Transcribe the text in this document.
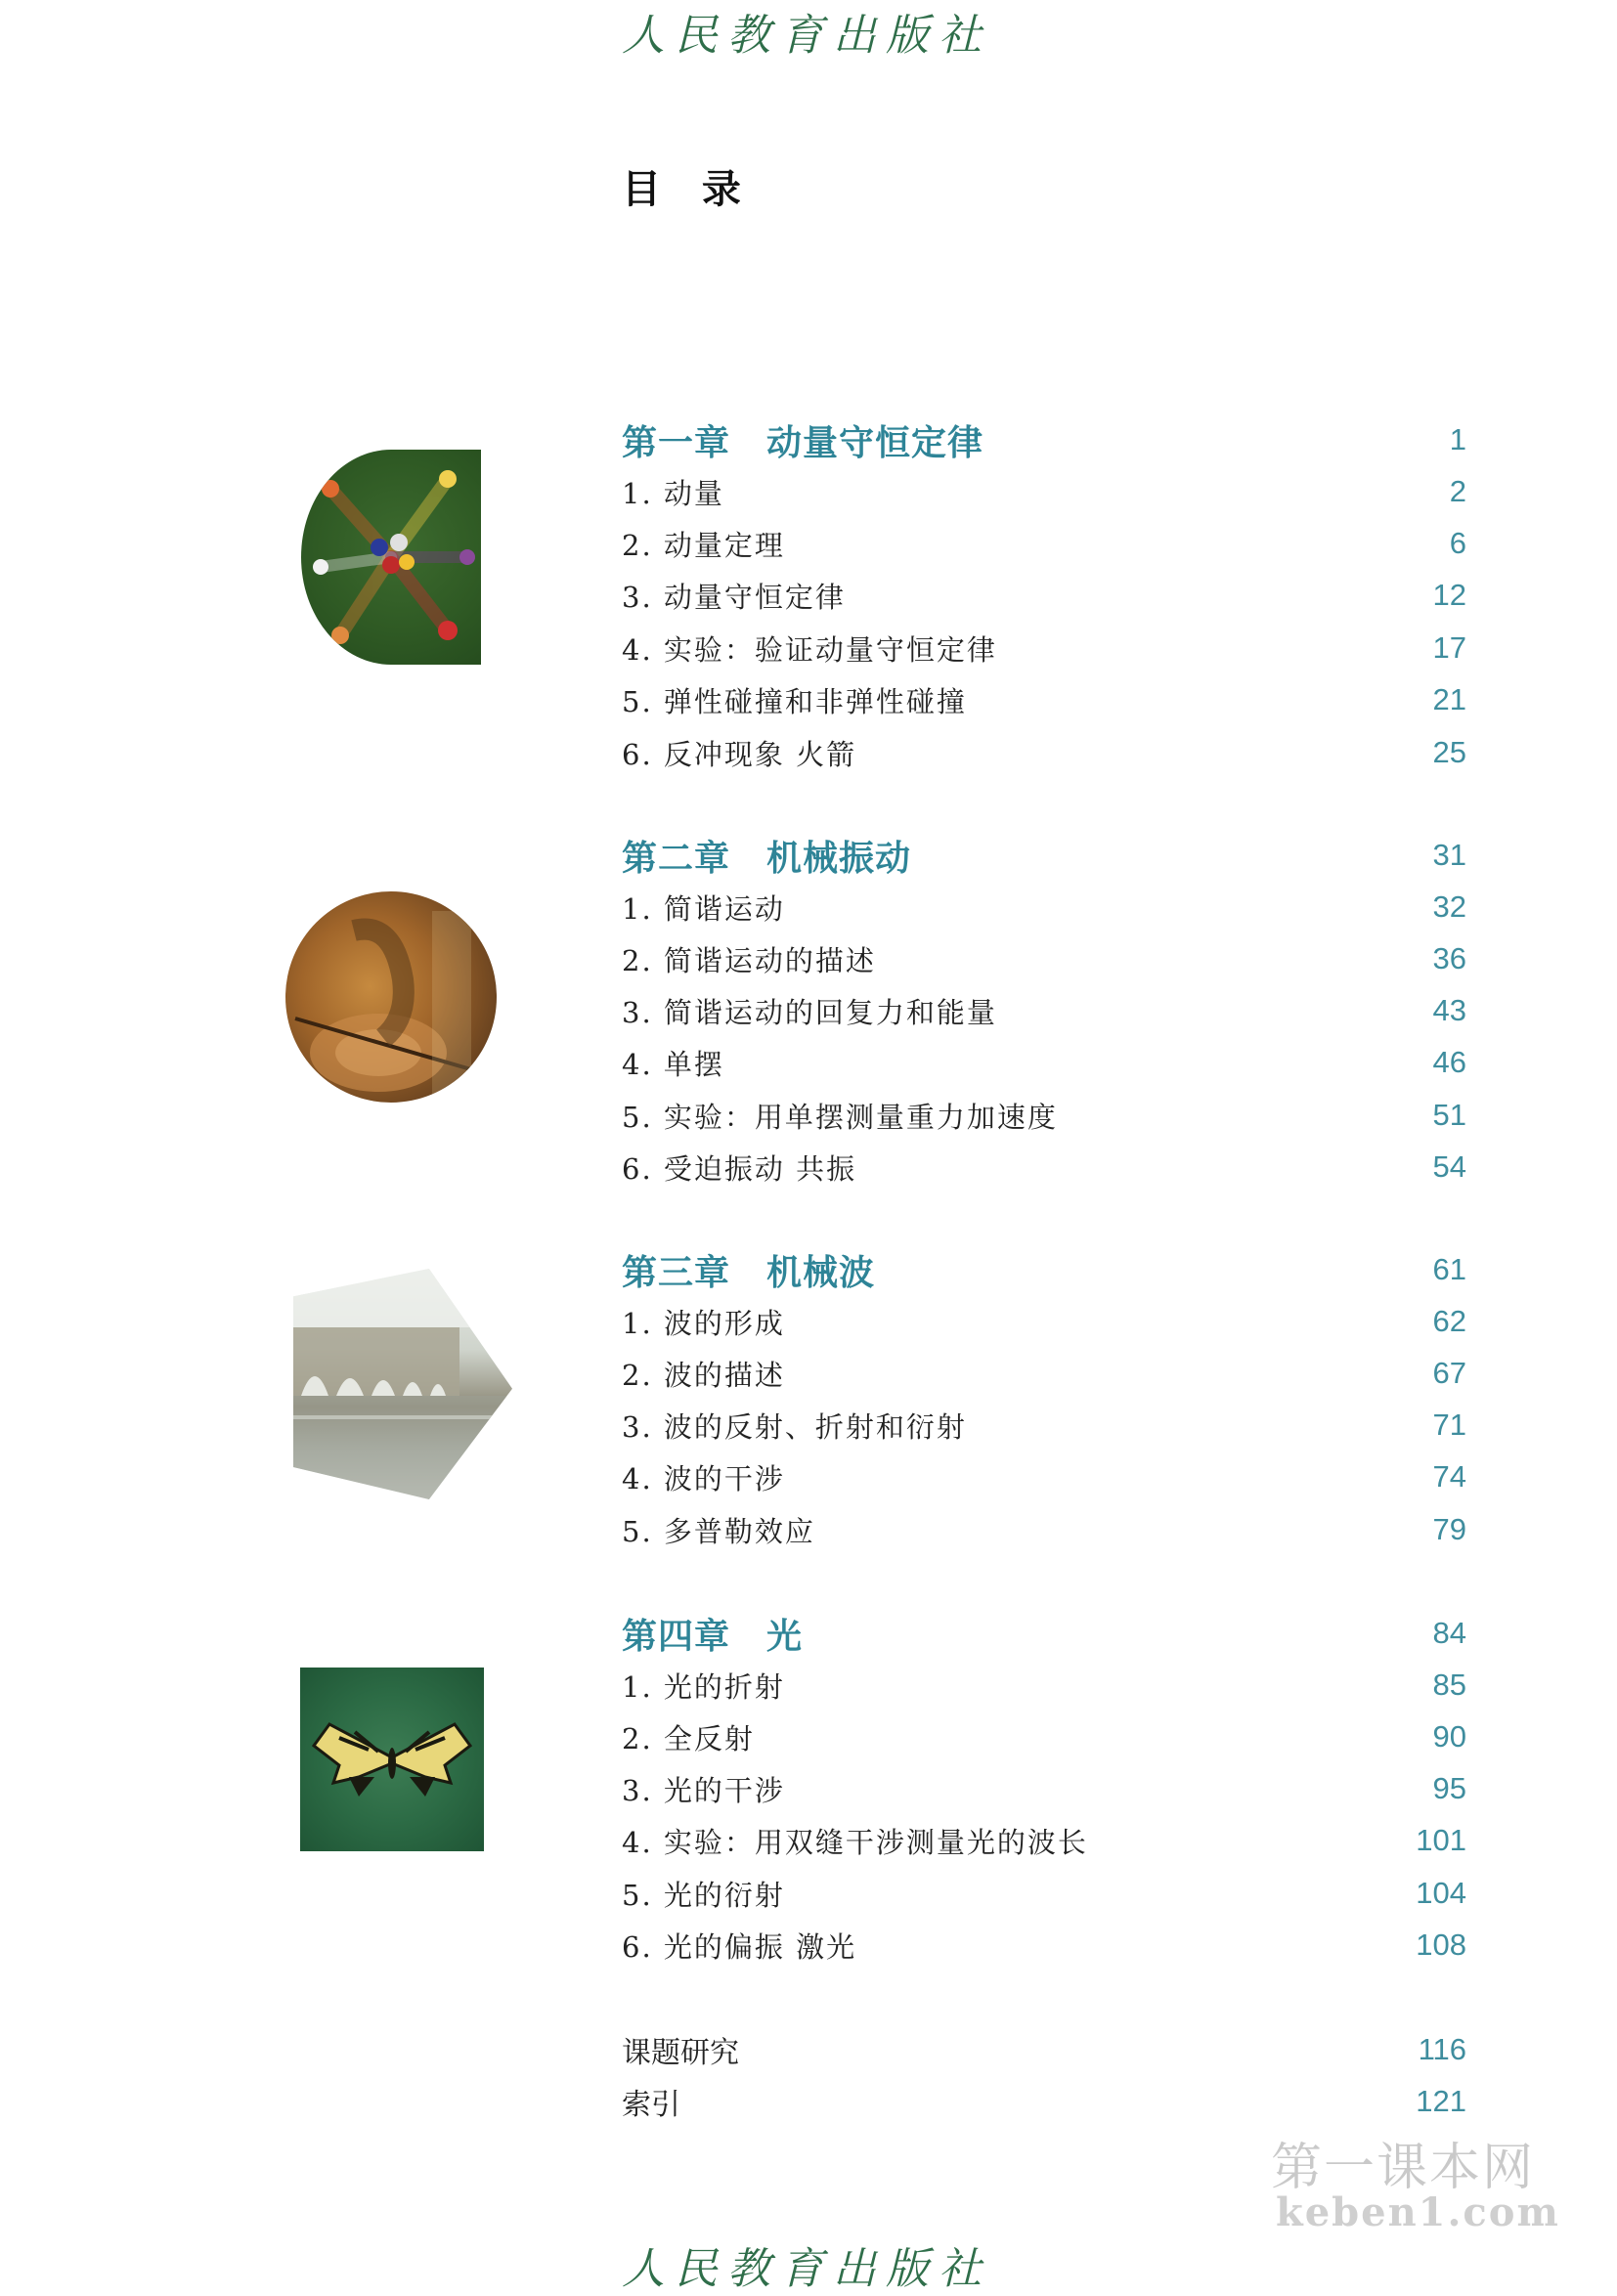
人民教育出版社
目 录
第一章　动量守恒定律	1
1. 动量	2
2. 动量定理	6
3. 动量守恒定律	12
4. 实验：验证动量守恒定律	17
5. 弹性碰撞和非弹性碰撞	21
6. 反冲现象 火箭	25
第二章　机械振动	31
1. 简谐运动	32
2. 简谐运动的描述	36
3. 简谐运动的回复力和能量	43
4. 单摆	46
5. 实验：用单摆测量重力加速度	51
6. 受迫振动 共振	54
第三章　机械波	61
1. 波的形成	62
2. 波的描述	67
3. 波的反射、折射和衍射	71
4. 波的干涉	74
5. 多普勒效应	79
第四章　光	84
1. 光的折射	85
2. 全反射	90
3. 光的干涉	95
4. 实验：用双缝干涉测量光的波长	101
5. 光的衍射	104
6. 光的偏振 激光	108
课题研究	116
索引	121
第一课本网
keben1.com
人民教育出版社
